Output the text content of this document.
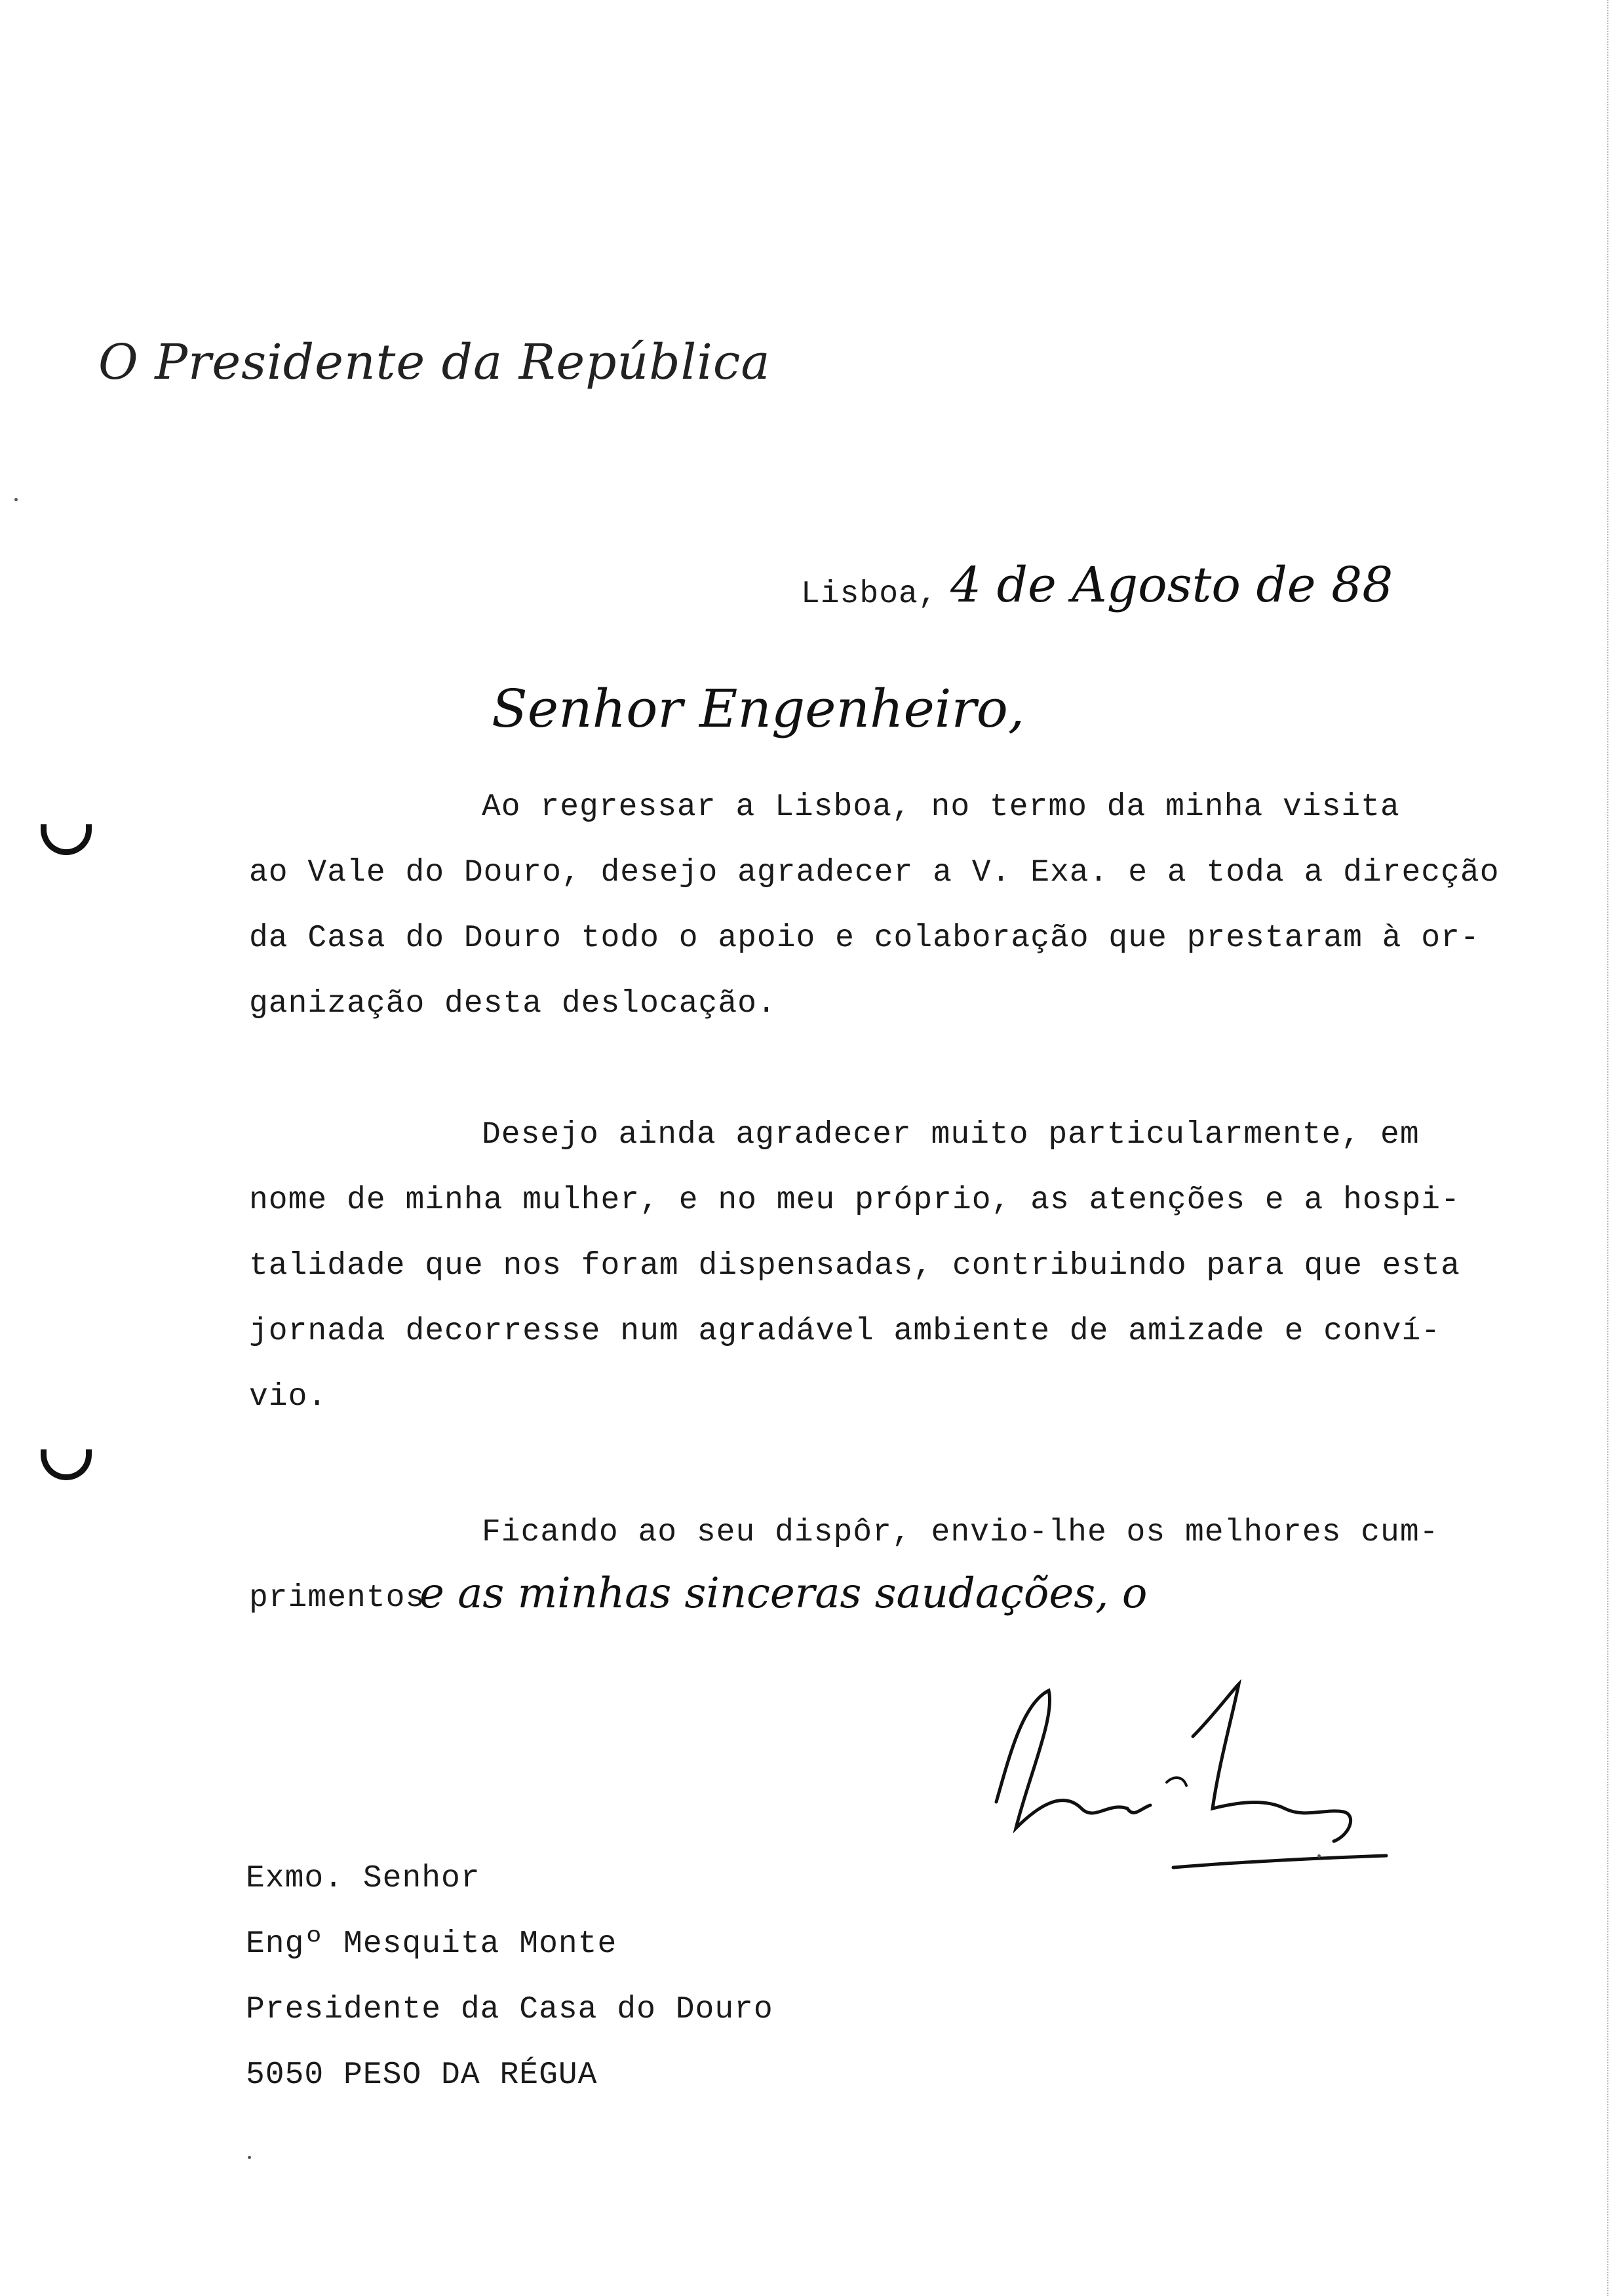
O Presidente da República
Lisboa, 4 de Agosto de 88
Senhor Engenheiro,
Ao regressar a Lisboa, no termo da minha visita
ao Vale do Douro, desejo agradecer a V. Exa. e a toda a direcção
da Casa do Douro todo o apoio e colaboração que prestaram à or-
ganização desta deslocação.
Desejo ainda agradecer muito particularmente, em
nome de minha mulher, e no meu próprio, as atenções e a hospi-
talidade que nos foram dispensadas, contribuindo para que esta
jornada decorresse num agradável ambiente de amizade e conví-
vio.
Ficando ao seu dispôr, envio-lhe os melhores cum-
primentos
e as minhas sinceras saudações, o
Exmo. Senhor
Engº Mesquita Monte
Presidente da Casa do Douro
5050 PESO DA RÉGUA
